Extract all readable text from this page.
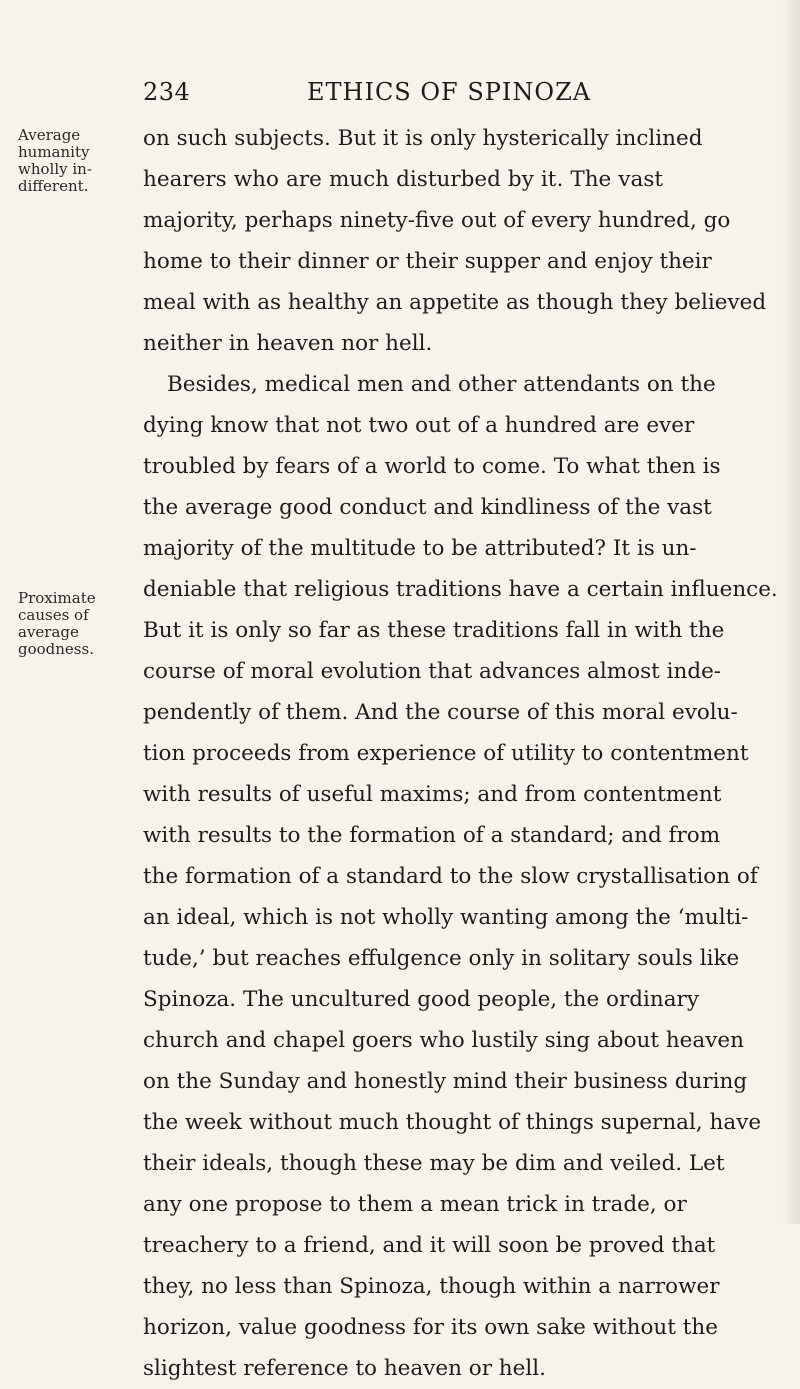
234	ETHICS OF SPINOZA
Average
humanity
wholly in-
different.
Proximate
causes of
average
goodness.
on such subjects. But it is only hysterically inclined
hearers who are much disturbed by it. The vast
majority, perhaps ninety-five out of every hundred, go
home to their dinner or their supper and enjoy their
meal with as healthy an appetite as though they believed
neither in heaven nor hell.
Besides, medical men and other attendants on the
dying know that not two out of a hundred are ever
troubled by fears of a world to come. To what then is
the average good conduct and kindliness of the vast
majority of the multitude to be attributed? It is un-
deniable that religious traditions have a certain influence.
But it is only so far as these traditions fall in with the
course of moral evolution that advances almost inde-
pendently of them. And the course of this moral evolu-
tion proceeds from experience of utility to contentment
with results of useful maxims; and from contentment
with results to the formation of a standard; and from
the formation of a standard to the slow crystallisation of
an ideal, which is not wholly wanting among the ‘multi-
tude,’ but reaches effulgence only in solitary souls like
Spinoza. The uncultured good people, the ordinary
church and chapel goers who lustily sing about heaven
on the Sunday and honestly mind their business during
the week without much thought of things supernal, have
their ideals, though these may be dim and veiled. Let
any one propose to them a mean trick in trade, or
treachery to a friend, and it will soon be proved that
they, no less than Spinoza, though within a narrower
horizon, value goodness for its own sake without the
slightest reference to heaven or hell.
